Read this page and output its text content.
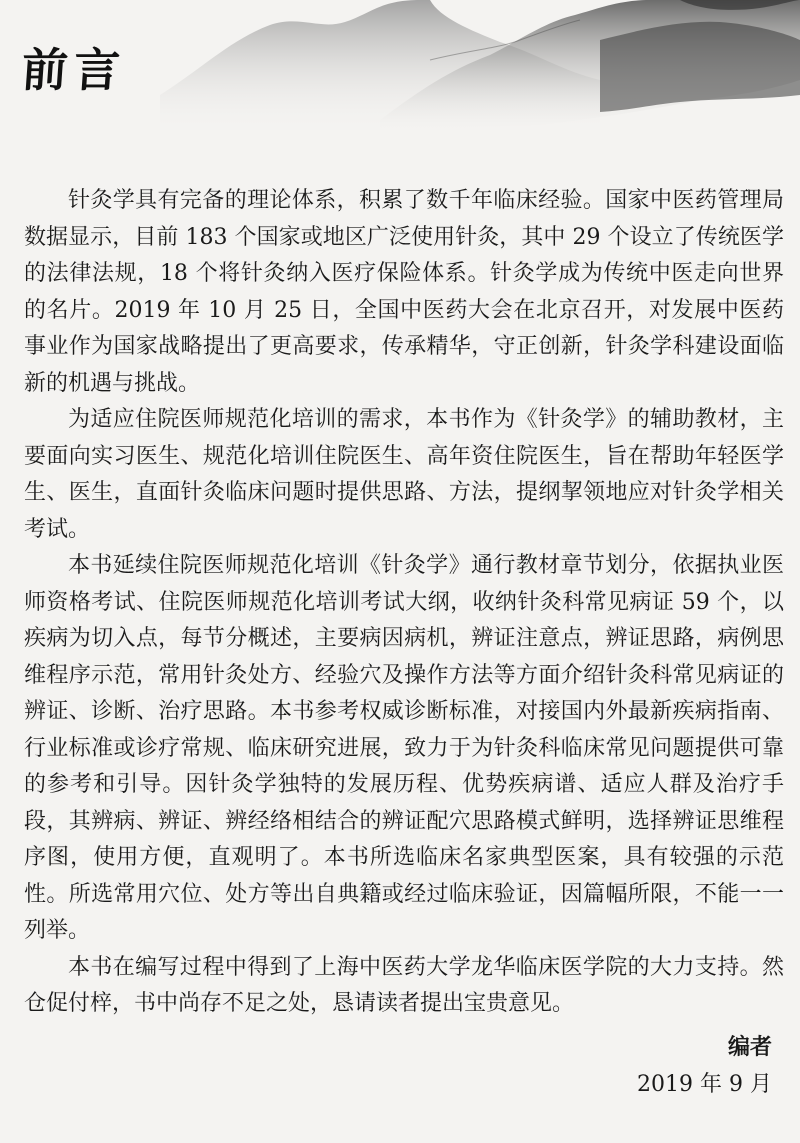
前言

针灸学具有完备的理论体系，积累了数千年临床经验。国家中医药管理局数据显示，目前 183 个国家或地区广泛使用针灸，其中 29 个设立了传统医学的法律法规，18 个将针灸纳入医疗保险体系。针灸学成为传统中医走向世界的名片。2019 年 10 月 25 日，全国中医药大会在北京召开，对发展中医药事业作为国家战略提出了更高要求，传承精华，守正创新，针灸学科建设面临新的机遇与挑战。

为适应住院医师规范化培训的需求，本书作为《针灸学》的辅助教材，主要面向实习医生、规范化培训住院医生、高年资住院医生，旨在帮助年轻医学生、医生，直面针灸临床问题时提供思路、方法，提纲挈领地应对针灸学相关考试。

本书延续住院医师规范化培训《针灸学》通行教材章节划分，依据执业医师资格考试、住院医师规范化培训考试大纲，收纳针灸科常见病证 59 个，以疾病为切入点，每节分概述，主要病因病机，辨证注意点，辨证思路，病例思维程序示范，常用针灸处方、经验穴及操作方法等方面介绍针灸科常见病证的辨证、诊断、治疗思路。本书参考权威诊断标准，对接国内外最新疾病指南、行业标准或诊疗常规、临床研究进展，致力于为针灸科临床常见问题提供可靠的参考和引导。因针灸学独特的发展历程、优势疾病谱、适应人群及治疗手段，其辨病、辨证、辨经络相结合的辨证配穴思路模式鲜明，选择辨证思维程序图，使用方便，直观明了。本书所选临床名家典型医案，具有较强的示范性。所选常用穴位、处方等出自典籍或经过临床验证，因篇幅所限，不能一一列举。

本书在编写过程中得到了上海中医药大学龙华临床医学院的大力支持。然仓促付梓，书中尚存不足之处，恳请读者提出宝贵意见。

编者
2019 年 9 月
